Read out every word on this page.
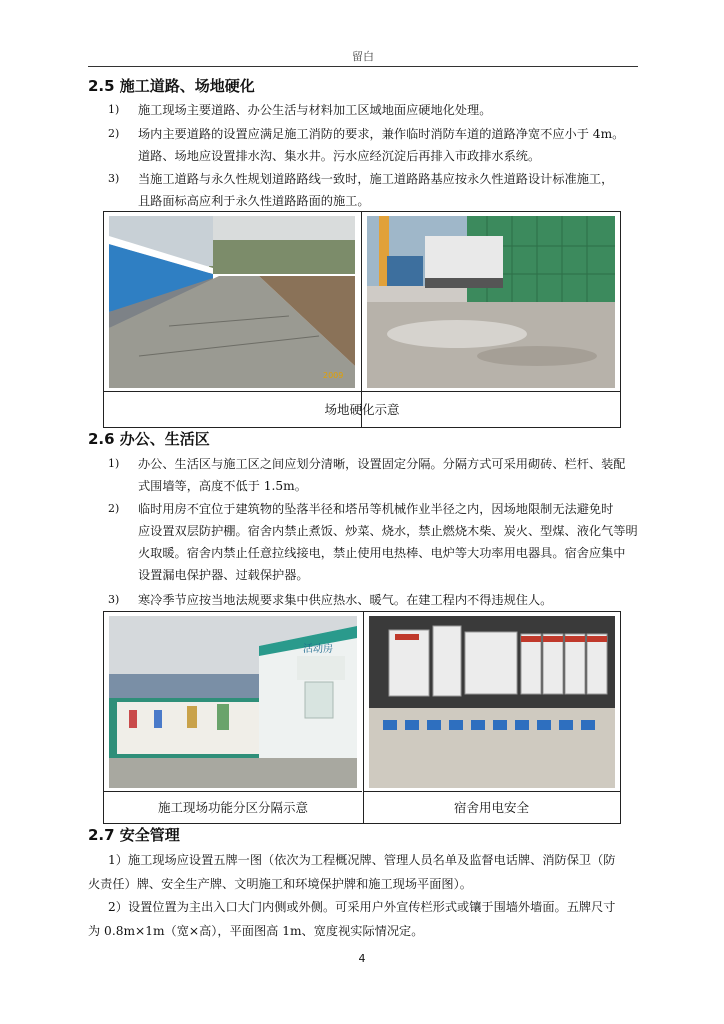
留白
2.5 施工道路、场地硬化
1) 施工现场主要道路、办公生活与材料加工区域地面应硬地化处理。
2) 场内主要道路的设置应满足施工消防的要求，兼作临时消防车道的道路净宽不应小于 4m。
道路、场地应设置排水沟、集水井。污水应经沉淀后再排入市政排水系统。
3) 当施工道路与永久性规划道路路线一致时，施工道路路基应按永久性道路设计标准施工，
且路面标高应利于永久性道路路面的施工。
2009
场地硬化示意
2.6 办公、生活区
1) 办公、生活区与施工区之间应划分清晰，设置固定分隔。分隔方式可采用砌砖、栏杆、装配
式围墙等，高度不低于 1.5m。
2) 临时用房不宜位于建筑物的坠落半径和塔吊等机械作业半径之内，因场地限制无法避免时
应设置双层防护棚。宿舍内禁止煮饭、炒菜、烧水，禁止燃烧木柴、炭火、型煤、液化气等明
火取暖。宿舍内禁止任意拉线接电，禁止使用电热棒、电炉等大功率用电器具。宿舍应集中
设置漏电保护器、过载保护器。
3) 寒冷季节应按当地法规要求集中供应热水、暖气。在建工程内不得违规住人。
活动房
施工现场功能分区分隔示意	宿舍用电安全
2.7 安全管理
1）施工现场应设置五牌一图（依次为工程概况牌、管理人员名单及监督电话牌、消防保卫（防
火责任）牌、安全生产牌、文明施工和环境保护牌和施工现场平面图）。
2）设置位置为主出入口大门内侧或外侧。可采用户外宣传栏形式或镶于围墙外墙面。五牌尺寸
为 0.8m×1m（宽×高），平面图高 1m、宽度视实际情况定。
4
